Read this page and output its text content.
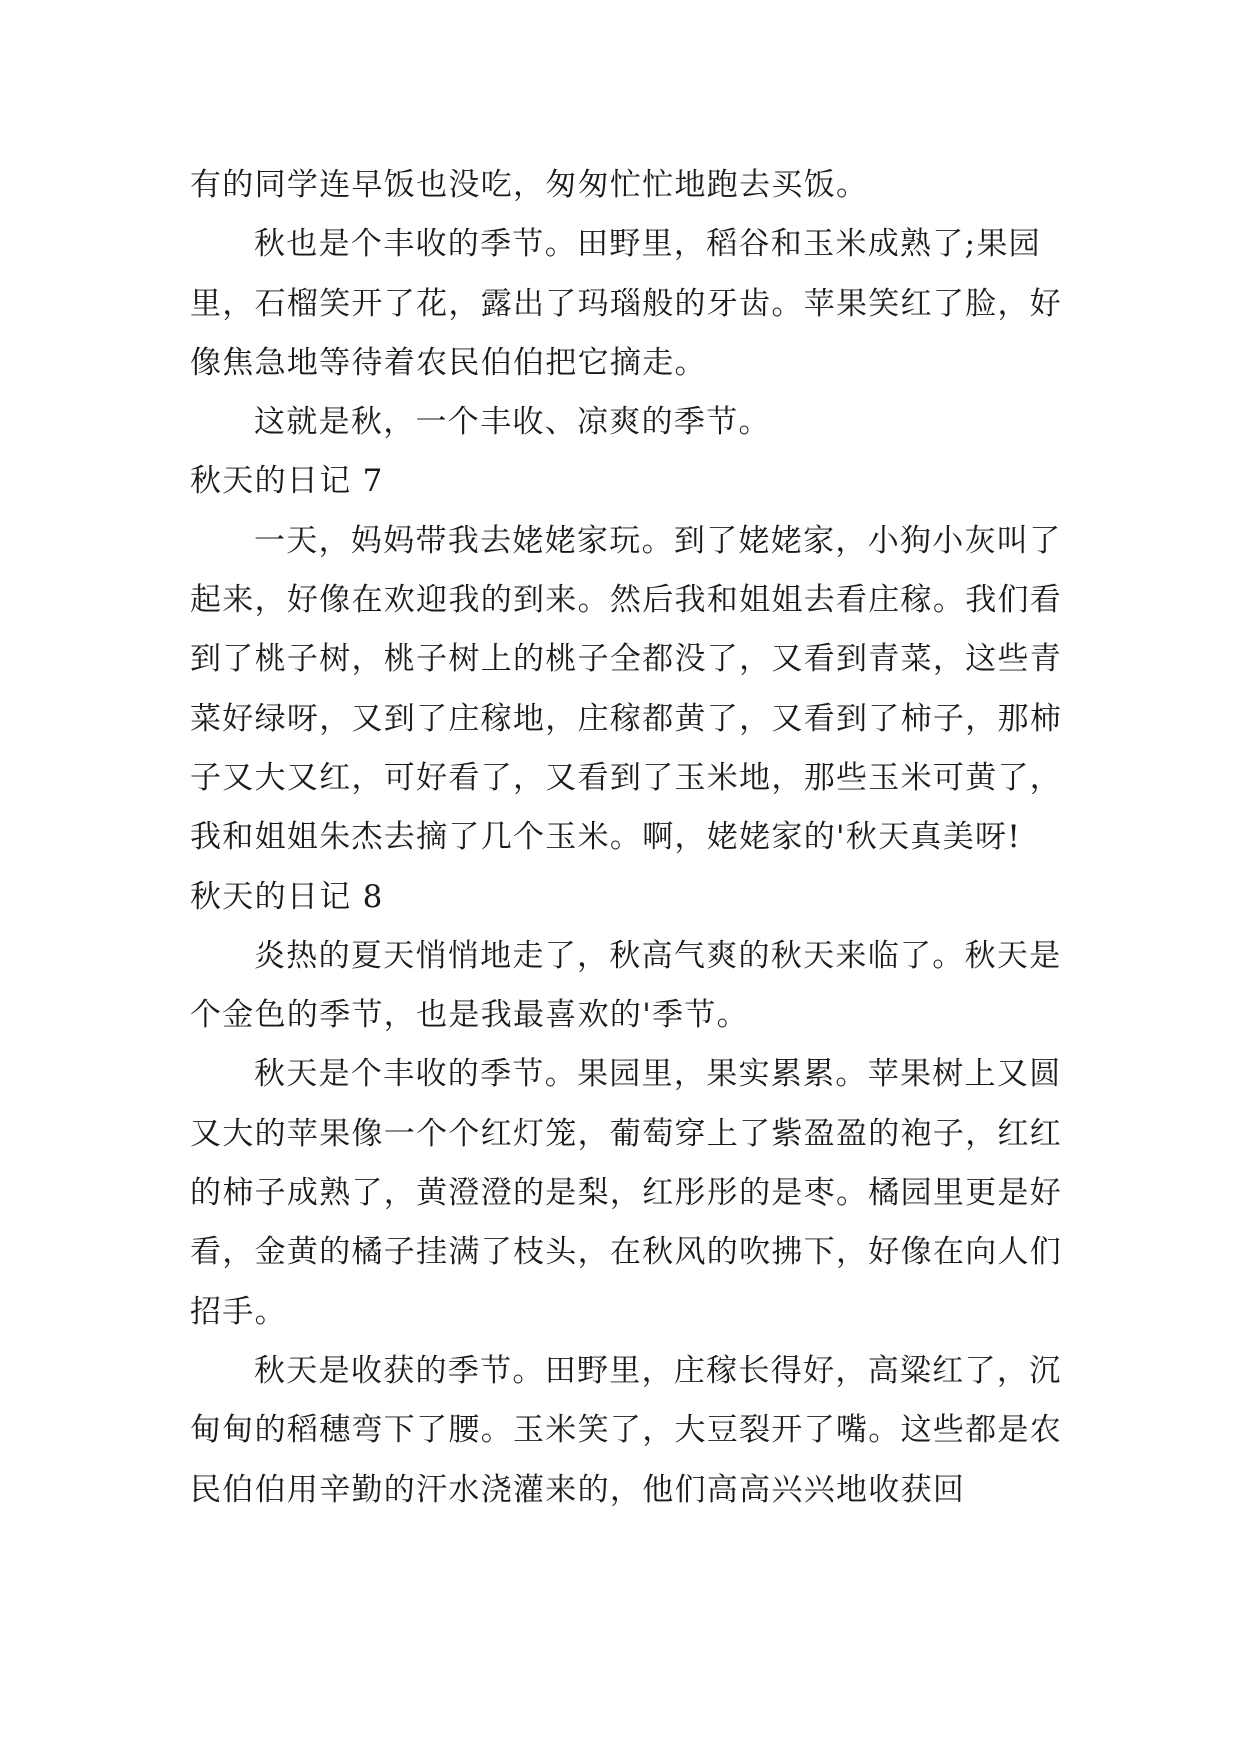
有的同学连早饭也没吃，匆匆忙忙地跑去买饭。

秋也是个丰收的季节。田野里，稻谷和玉米成熟了;果园里，石榴笑开了花，露出了玛瑙般的牙齿。苹果笑红了脸，好像焦急地等待着农民伯伯把它摘走。

这就是秋，一个丰收、凉爽的季节。

秋天的日记 7

一天，妈妈带我去姥姥家玩。到了姥姥家，小狗小灰叫了  起来，好像在欢迎我的到来。然后我和姐姐去看庄稼。我们看到了桃子树，桃子树上的桃子全都没了，又看到青菜，这些青菜好绿呀，又到了庄稼地，庄稼都黄了，又看到了柿子，那柿子又大又红，可好看了，又看到了玉米地，那些玉米可黄了，我和姐姐朱杰去摘了几个玉米。啊，姥姥家的'秋天真美呀!

秋天的日记 8

炎热的夏天悄悄地走了，秋高气爽的秋天来临了。秋天是个金色的季节，也是我最喜欢的'季节。

秋天是个丰收的季节。果园里，果实累累。苹果树上又圆又大的苹果像一个个红灯笼，葡萄穿上了紫盈盈的袍子，红红的柿子成熟了，黄澄澄的是梨，红彤彤的是枣。橘园里更是好看，金黄的橘子挂满了枝头，在秋风的吹拂下，好像在向人们招手。

秋天是收获的季节。田野里，庄稼长得好，高粱红了，沉甸甸的稻穗弯下了腰。玉米笑了，大豆裂开了嘴。这些都是农民伯伯用辛勤的汗水浇灌来的，他们高高兴兴地收获回
